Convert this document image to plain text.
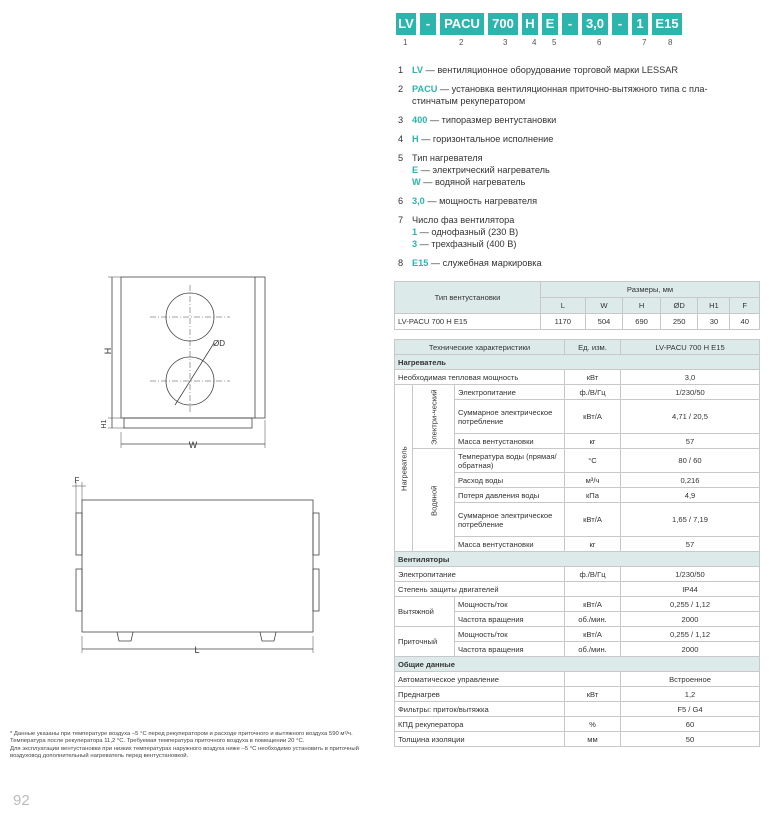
LV -	PACU 700 H E	-	3,0	-	1 E15
1	2	3	4 5	6	7	8
1 LV — вентиляционное оборудование торговой марки LESSAR
2 PACU — установка вентиляционная приточно-вытяжного типа с пла-
стинчатым рекуператором
3 400 — типоразмер вентустановки
4 H — горизонтальное исполнение
5 Тип нагревателя
E — электрический нагреватель
W — водяной нагреватель
6 3,0 — мощность нагревателя
7 Число фаз вентилятора
1 — однофазный (230 В)
3 — трехфазный (400 В)
8 E15 — служебная маркировка
Тип вентустановки	Размеры, мм					
	L	W	H	ØD	H1	F
LV-PACU 700 H E15	1170	504	690	250	30	40
Технические характеристики			Ед. изм.	LV-PACU 700 H E15
Нагреватель				
Необходимая тепловая мощность			кВт	3,0
Нагреватель	Электри-ческий	Электропитание	ф./В/Гц	1/230/50
		Суммарное электрическое потребление	кВт/А	4,71 / 20,5
		Масса вентустановки	кг	57
	Водяной	Температура воды (прямая/обратная)	°С	80 / 60
		Расход воды	м³/ч	0,216
		Потеря давления воды	кПа	4,9
		Суммарное электрическое потребление	кВт/А	1,65 / 7,19
		Масса вентустановки	кг	57
Вентиляторы				
Электропитание			ф./В/Гц	1/230/50
Степень защиты двигателей				IP44
Вытяжной		Мощность/ток	кВт/А	0,255 / 1,12
		Частота вращения	об./мин.	2000
Приточный		Мощность/ток	кВт/А	0,255 / 1,12
		Частота вращения	об./мин.	2000
Общие данные				
Автоматическое управление				Встроенное
Преднагрев			кВт	1,2
Фильтры: приток/вытяжка				F5 / G4
КПД рекуператора			%	60
Толщина изоляции			мм	50
H
H1
W
ØD
F
L
* Данные указаны при температуре воздуха –5 °С перед рекуператором и расходе приточного и вытяжного воздуха 590 м³/ч. Температура после рекуператора 11,2 °С. Требуемая температура приточного воздуха в помещении 20 °С.
Для эксплуатации вентустановки при низких температурах наружного воздуха ниже –5 °С необходимо установить в приточный воздуховод дополнительный нагреватель перед вентустановкой.
92
